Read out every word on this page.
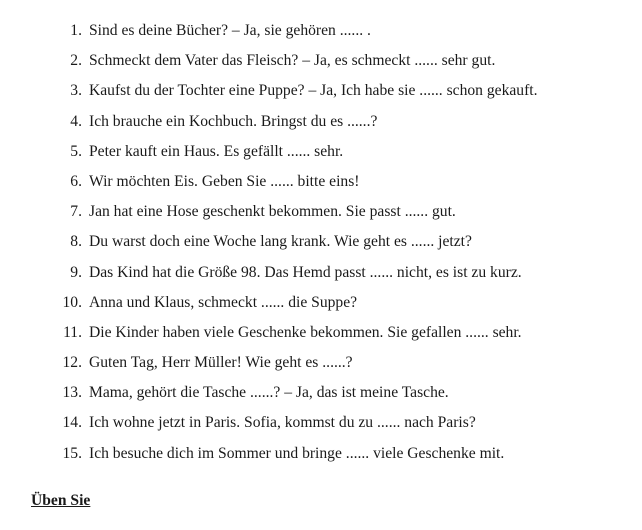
1. Sind es deine Bücher? – Ja, sie gehören ...... .
2. Schmeckt dem Vater das Fleisch? – Ja, es schmeckt ...... sehr gut.
3. Kaufst du der Tochter eine Puppe? – Ja, Ich habe sie ...... schon gekauft.
4. Ich brauche ein Kochbuch. Bringst du es ......?
5. Peter kauft ein Haus. Es gefällt ...... sehr.
6. Wir möchten Eis. Geben Sie ...... bitte eins!
7. Jan hat eine Hose geschenkt bekommen. Sie passt ...... gut.
8. Du warst doch eine Woche lang krank. Wie geht es ...... jetzt?
9. Das Kind hat die Größe 98. Das Hemd passt ...... nicht, es ist zu kurz.
10. Anna und Klaus, schmeckt ...... die Suppe?
11. Die Kinder haben viele Geschenke bekommen. Sie gefallen ...... sehr.
12. Guten Tag, Herr Müller! Wie geht es ......?
13. Mama, gehört die Tasche ......? – Ja, das ist meine Tasche.
14. Ich wohne jetzt in Paris. Sofia, kommst du zu ...... nach Paris?
15. Ich besuche dich im Sommer und bringe ...... viele Geschenke mit.
Üben Sie
